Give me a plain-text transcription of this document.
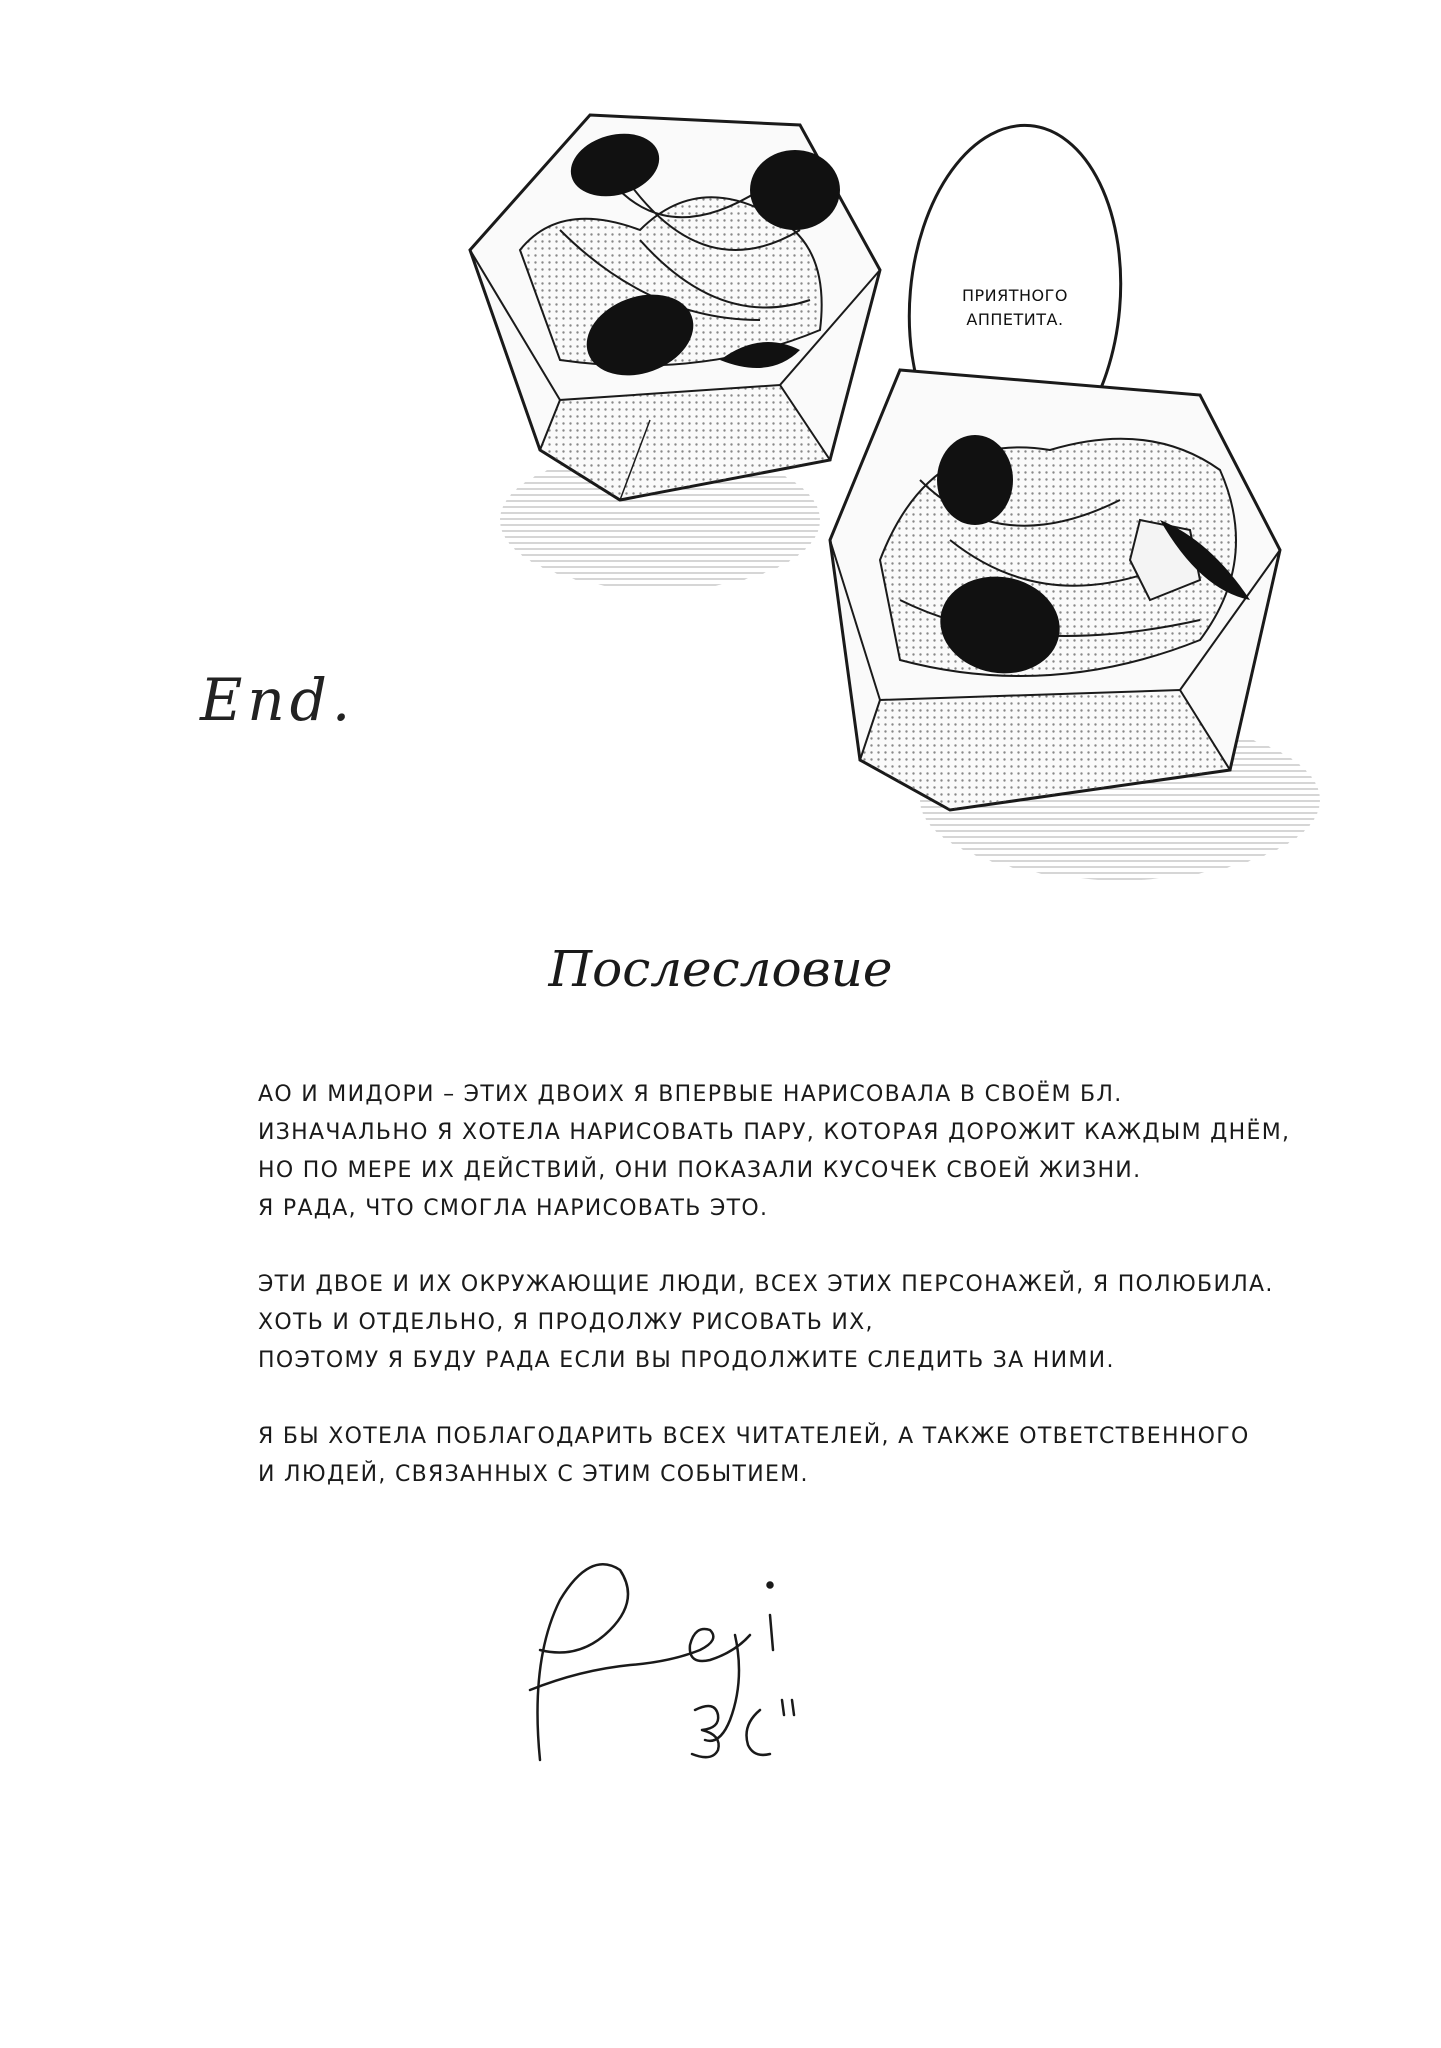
ПРИЯТНОГО АППЕТИТА.
End.
Послесловие
АО И МИДОРИ – ЭТИХ ДВОИХ Я ВПЕРВЫЕ НАРИСОВАЛА В СВОЁМ БЛ.
ИЗНАЧАЛЬНО Я ХОТЕЛА НАРИСОВАТЬ ПАРУ, КОТОРАЯ ДОРОЖИТ КАЖДЫМ ДНЁМ,
НО ПО МЕРЕ ИХ ДЕЙСТВИЙ, ОНИ ПОКАЗАЛИ КУСОЧЕК СВОЕЙ ЖИЗНИ.
Я РАДА, ЧТО СМОГЛА НАРИСОВАТЬ ЭТО.
ЭТИ ДВОЕ И ИХ ОКРУЖАЮЩИЕ ЛЮДИ, ВСЕХ ЭТИХ ПЕРСОНАЖЕЙ, Я ПОЛЮБИЛА.
ХОТЬ И ОТДЕЛЬНО, Я ПРОДОЛЖУ РИСОВАТЬ ИХ,
ПОЭТОМУ Я БУДУ РАДА ЕСЛИ ВЫ ПРОДОЛЖИТЕ СЛЕДИТЬ ЗА НИМИ.
Я БЫ ХОТЕЛА ПОБЛАГОДАРИТЬ ВСЕХ ЧИТАТЕЛЕЙ, А ТАКЖЕ ОТВЕТСТВЕННОГО
И ЛЮДЕЙ, СВЯЗАННЫХ С ЭТИМ СОБЫТИЕМ.
